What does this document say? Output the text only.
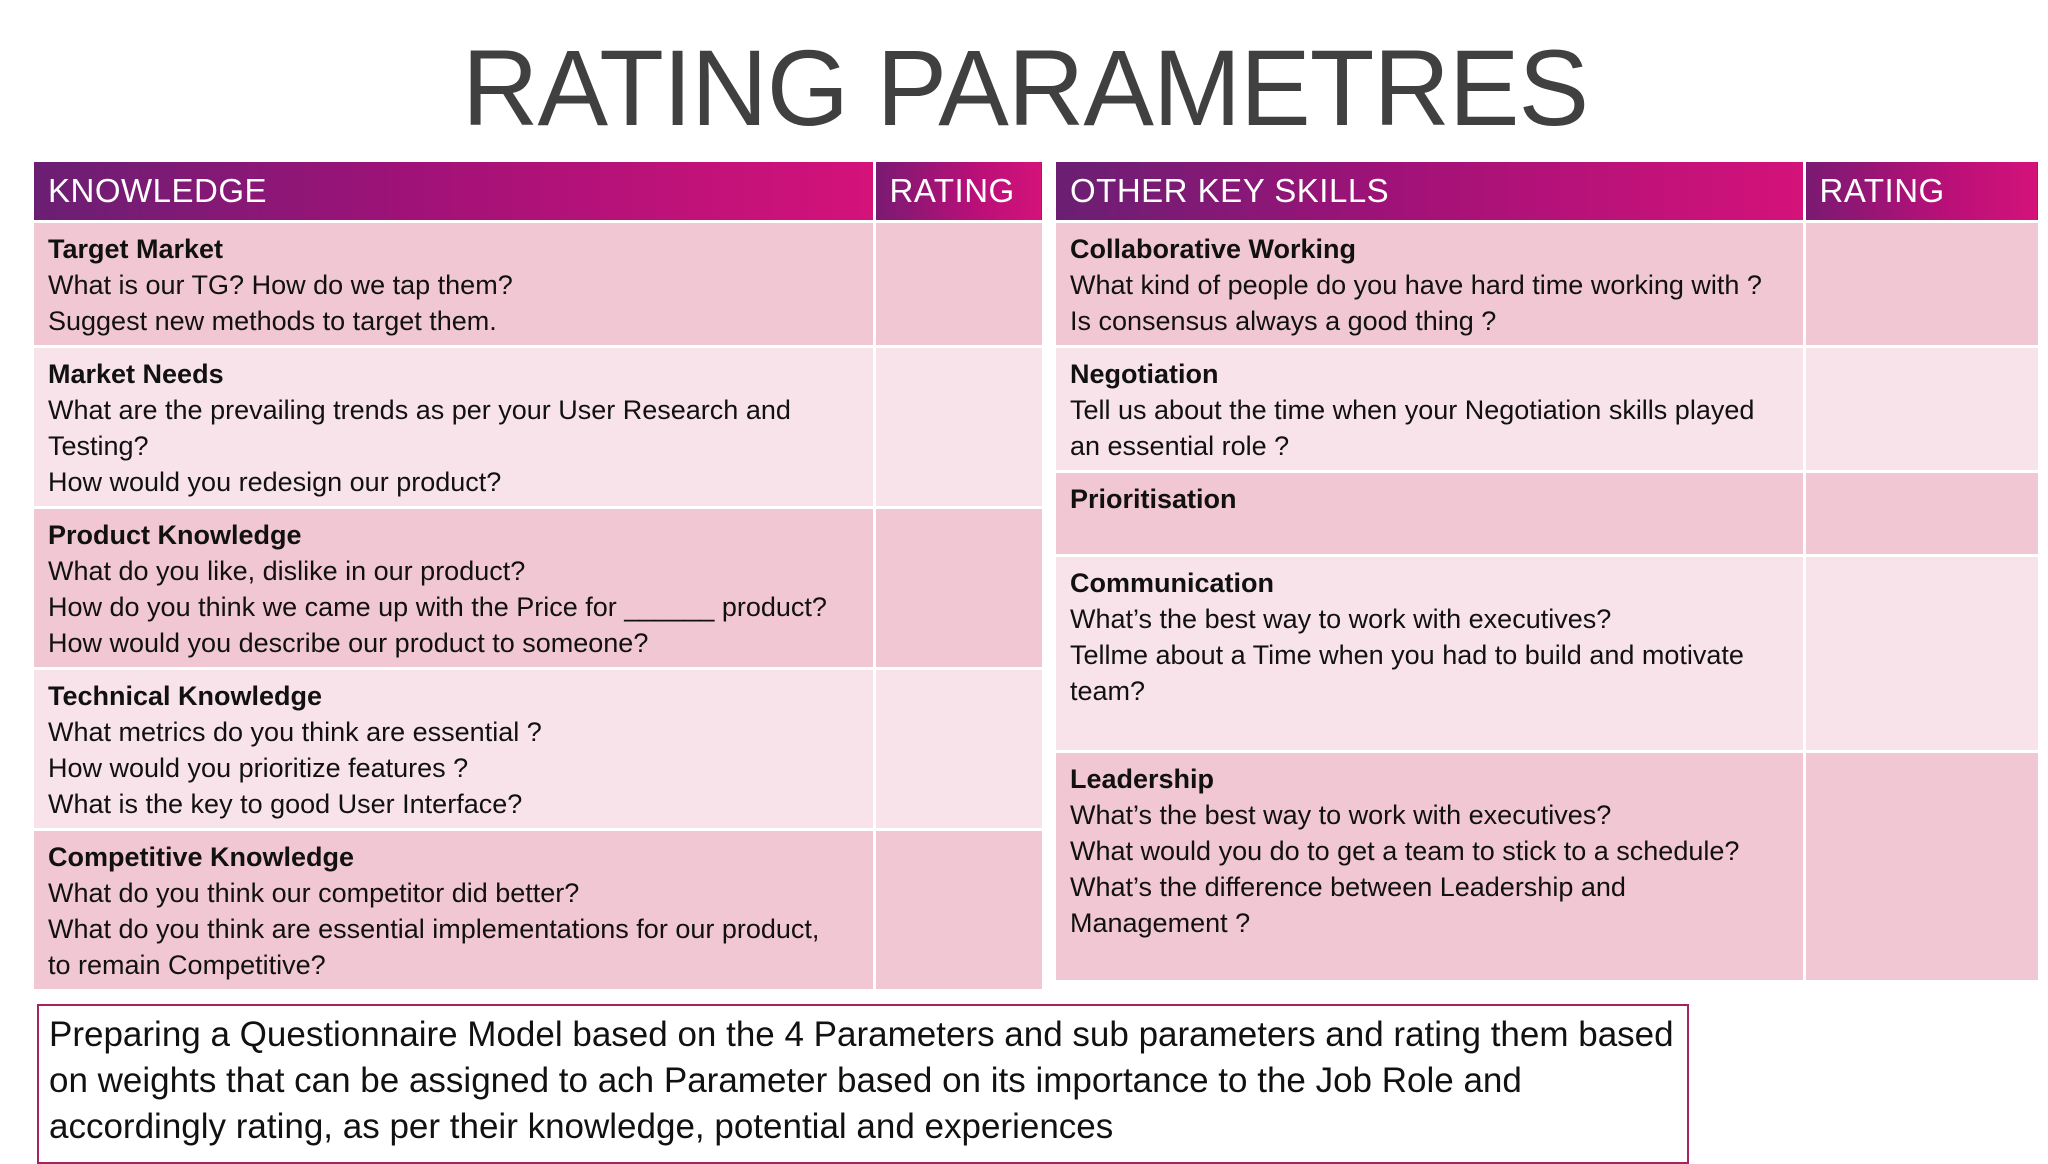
RATING PARAMETRES
KNOWLEDGE	RATING

Target Market
What is our TG? How do we tap them?
Suggest new methods to target them.	

Market Needs
What are the prevailing trends as per your User Research and
Testing?
How would you redesign our product?	

Product Knowledge
What do you like, dislike in our product?
How do you think we came up with the Price for ______ product?
How would you describe our product to someone?	

Technical Knowledge
What metrics do you think are essential ?
How would you prioritize features ?
What is the key to good User Interface?	

Competitive Knowledge
What do you think our competitor did better?
What do you think are essential implementations for our product,
to remain Competitive?	

OTHER KEY SKILLS	RATING

Collaborative Working
What kind of people do you have hard time working with ?
Is consensus always a good thing ?	

Negotiation
Tell us about the time when your Negotiation skills played
an essential role ?	

Prioritisation	

Communication
What’s the best way to work with executives?
Tellme about a Time when you had to build and motivate
team?	

Leadership
What’s the best way to work with executives?
What would you do to get a team to stick to a schedule?
What’s the difference between Leadership and
Management ?	

Preparing a Questionnaire Model based on the 4 Parameters and sub parameters and rating them based on weights that can be assigned to ach Parameter based on its importance to the Job Role and accordingly rating, as per their knowledge, potential and experiences
